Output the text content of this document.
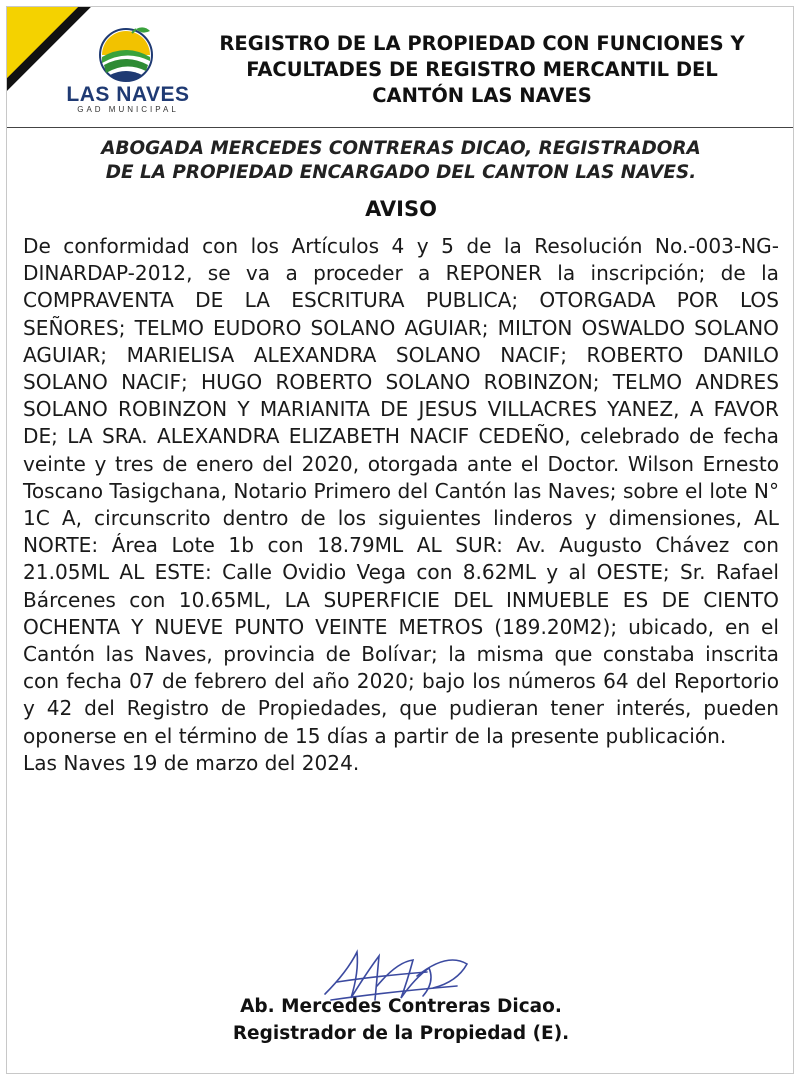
LAS NAVES
GAD MUNICIPAL
REGISTRO DE LA PROPIEDAD CON FUNCIONES Y
FACULTADES DE REGISTRO MERCANTIL DEL
CANTÓN LAS NAVES
ABOGADA MERCEDES CONTRERAS DICAO, REGISTRADORA
DE LA PROPIEDAD ENCARGADO DEL CANTON LAS NAVES.
AVISO
De conformidad con los Artículos 4 y 5 de la Resolución No.-003-NG- DINARDAP-2012, se va a proceder a REPONER la inscripción; de la COMPRAVENTA DE LA ESCRITURA PUBLICA; OTORGADA POR LOS SEÑORES; TELMO EUDORO SOLANO AGUIAR; MILTON OSWALDO SOLANO AGUIAR; MARIELISA ALEXANDRA SOLANO NACIF; ROBERTO DANILO SOLANO NACIF; HUGO ROBERTO SOLANO ROBINZON; TELMO ANDRES SOLANO ROBINZON Y MARIANITA DE JESUS VILLACRES YANEZ, A FAVOR DE; LA SRA. ALEXANDRA ELIZABETH NACIF CEDEÑO, celebrado de fecha veinte y tres de enero del 2020, otorgada ante el Doctor. Wilson Ernesto Toscano Tasigchana, Notario Primero del Cantón las Naves; sobre el lote N° 1C A, circunscrito dentro de los siguientes linderos y dimensiones, AL NORTE: Área Lote 1b con 18.79ML AL SUR: Av. Augusto Chávez con 21.05ML AL ESTE: Calle Ovidio Vega con 8.62ML y al OESTE; Sr. Rafael Bárcenes con 10.65ML, LA SUPERFICIE DEL INMUEBLE ES DE CIENTO OCHENTA Y NUEVE PUNTO VEINTE METROS (189.20M2); ubicado, en el Cantón las Naves, provincia de Bolívar; la misma que constaba inscrita con fecha 07 de febrero del año 2020; bajo los números 64 del Reportorio y 42 del Registro de Propiedades, que pudieran tener interés, pueden oponerse en el término de 15 días a partir de la presente publicación.
Las Naves 19 de marzo del 2024.
Ab. Mercedes Contreras Dicao.
Registrador de la Propiedad (E).
